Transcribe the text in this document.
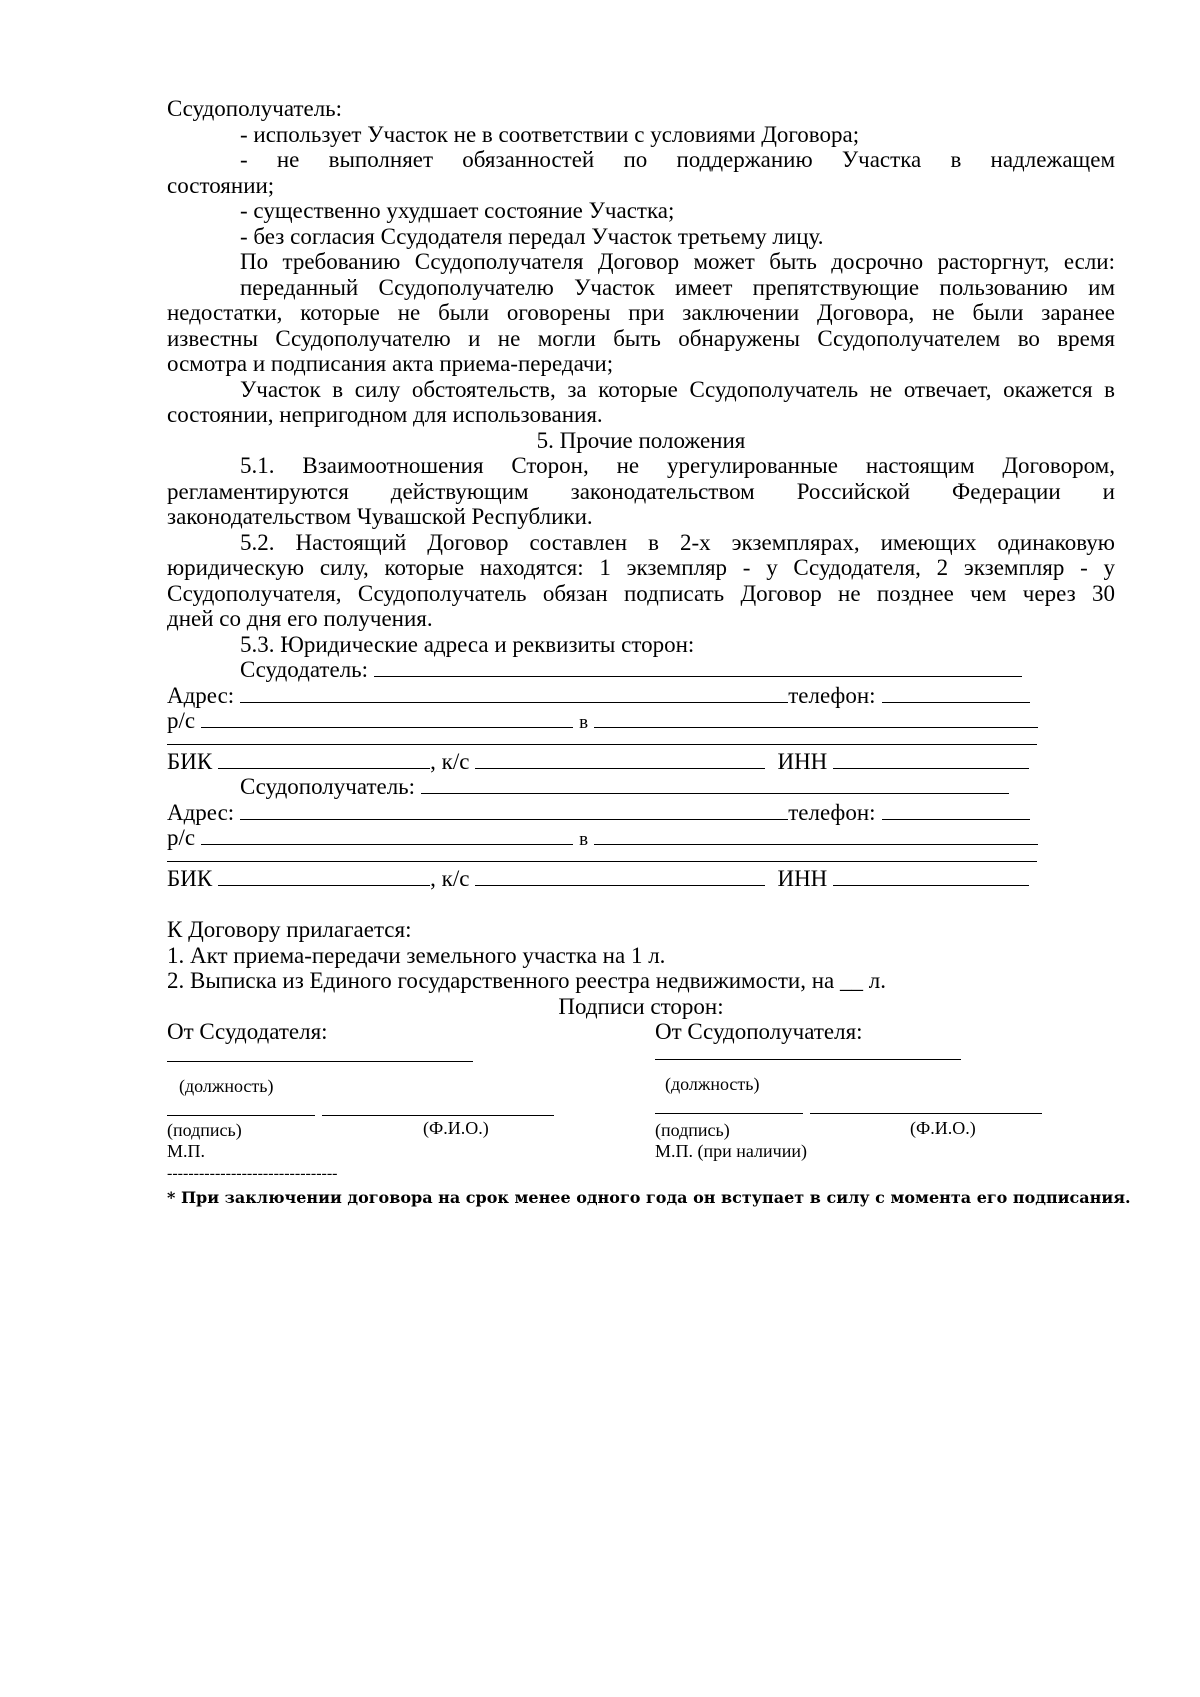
Ссудополучатель:
- использует Участок не в соответствии с условиями Договора;
- не выполняет обязанностей по поддержанию Участка в надлежащем
состоянии;
- существенно ухудшает состояние Участка;
- без согласия Ссудодателя передал Участок третьему лицу.
По требованию Ссудополучателя Договор может быть досрочно расторгнут, если:
переданный Ссудополучателю Участок имеет препятствующие пользованию им
недостатки, которые не были оговорены при заключении Договора, не были заранее
известны Ссудополучателю и не могли быть обнаружены Ссудополучателем во время
осмотра и подписания акта приема-передачи;
Участок в силу обстоятельств, за которые Ссудополучатель не отвечает, окажется в
состоянии, непригодном для использования.
5. Прочие положения
5.1. Взаимоотношения Сторон, не урегулированные настоящим Договором,
регламентируются действующим законодательством Российской Федерации и
законодательством Чувашской Республики.
5.2. Настоящий Договор составлен в 2-х экземплярах, имеющих одинаковую
юридическую силу, которые находятся: 1 экземпляр - у Ссудодателя, 2 экземпляр - у
Ссудополучателя, Ссудополучатель обязан подписать Договор не позднее чем через 30
дней со дня его получения.
5.3. Юридические адреса и реквизиты сторон:
Ссудодатель:
Адрес:	телефон:
р/с	в
БИК	, к/с	ИНН
Ссудополучатель:
Адрес:	телефон:
р/с	в
БИК	, к/с	ИНН
К Договору прилагается:
1. Акт приема-передачи земельного участка на 1 л.
2. Выписка из Единого государственного реестра недвижимости, на __ л.
Подписи сторон:
От Ссудодателя:	От Ссудополучателя:
(должность)	(должность)
(подпись)	(Ф.И.О.)	(подпись)	(Ф.И.О.)
М.П.	М.П. (при наличии)
--------------------------------
* При заключении договора на срок менее одного года он вступает в силу с момента его подписания.
